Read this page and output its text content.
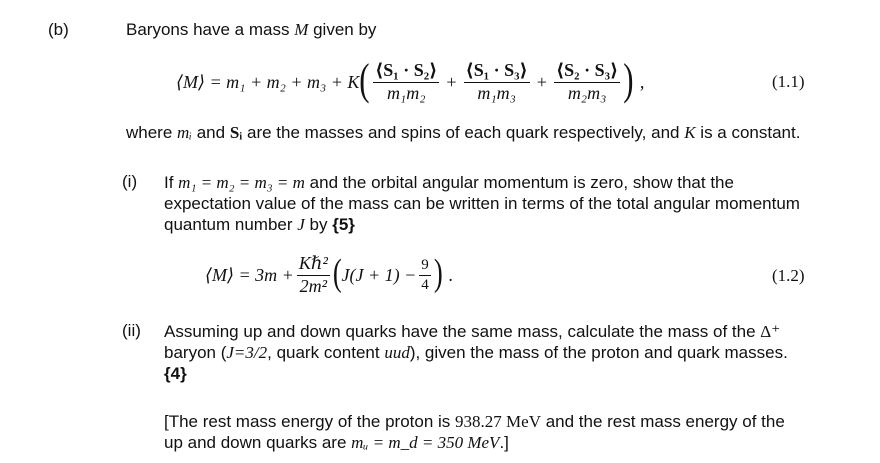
(b)	Baryons have a mass M given by
⟨M⟩ = m₁ + m₂ + m₃ + K ( $\frac{\text{⟨S₁ · S₂⟩}}{\text{m₁m₂}} + \frac{\text{⟨S₁ · S₃⟩}}{\text{m₁m₃}} + \frac{\text{⟨S₂ · S₃⟩}}{\text{m₂m₃}}$ ) ,	(1.1)
where mᵢ and Sᵢ are the masses and spins of each quark respectively, and K is a constant.
(i) If m₁ = m₂ = m₃ = m and the orbital angular momentum is zero, show that the
expectation value of the mass can be written in terms of the total angular momentum
quantum number J by {5}
⟨M⟩ = $3m + \frac{\text{Kℏ²}}{\text{2m²}}$ ( $J(J + 1) - \frac{9}{4}$ ) .	(1.2)
(ii) Assuming up and down quarks have the same mass, calculate the mass of the Δ⁺
baryon (J=3/2, quark content uud), given the mass of the proton and quark masses.
{4}
[The rest mass energy of the proton is 938.27 MeV and the rest mass energy of the
up and down quarks are mᵤ = m_d = 350 MeV.]
